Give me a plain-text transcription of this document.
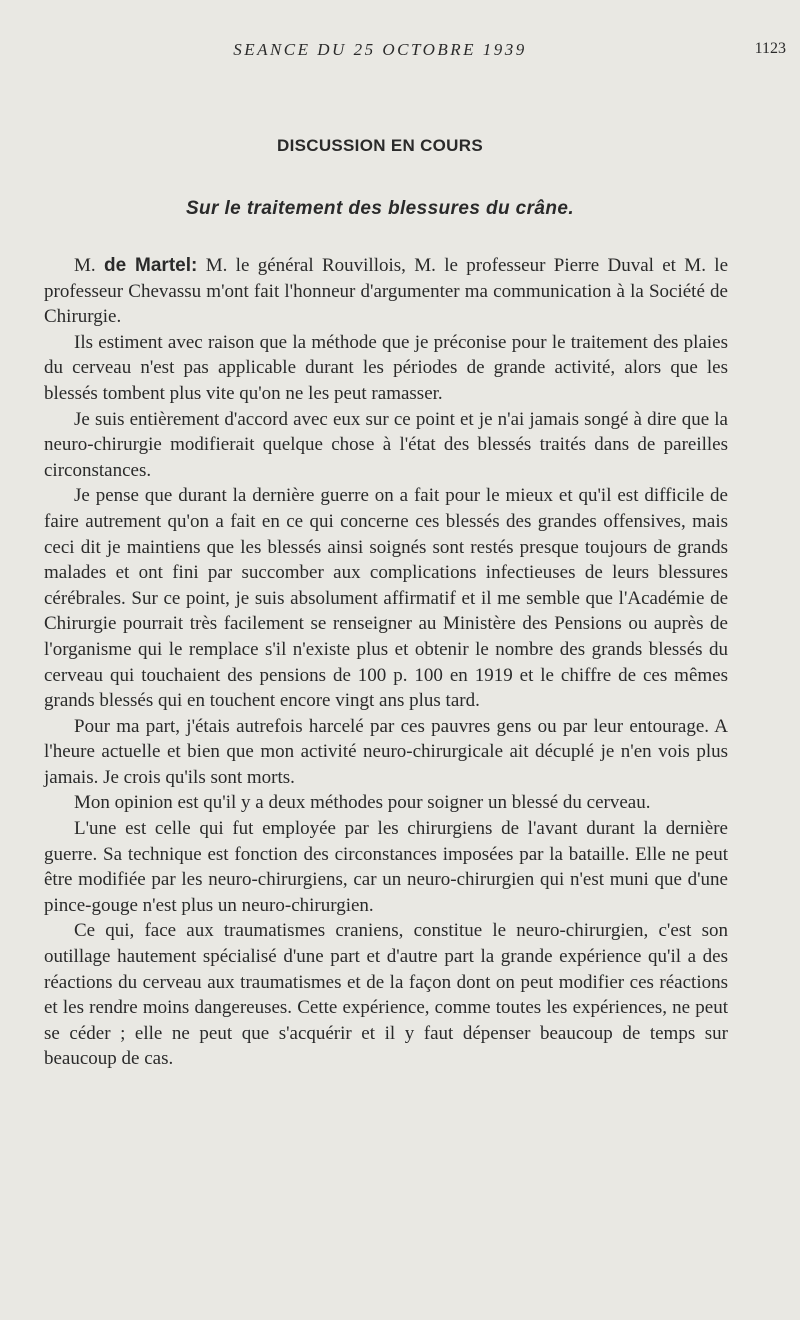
SEANCE DU 25 OCTOBRE 1939	1123
DISCUSSION EN COURS
Sur le traitement des blessures du crâne.

M. de Martel: M. le général Rouvillois, M. le professeur Pierre Duval et M. le professeur Chevassu m'ont fait l'honneur d'argumenter ma communication à la Société de Chirurgie.

Ils estiment avec raison que la méthode que je préconise pour le traitement des plaies du cerveau n'est pas applicable durant les périodes de grande activité, alors que les blessés tombent plus vite qu'on ne les peut ramasser.

Je suis entièrement d'accord avec eux sur ce point et je n'ai jamais songé à dire que la neuro-chirurgie modifierait quelque chose à l'état des blessés traités dans de pareilles circonstances.

Je pense que durant la dernière guerre on a fait pour le mieux et qu'il est difficile de faire autrement qu'on a fait en ce qui concerne ces blessés des grandes offensives, mais ceci dit je maintiens que les blessés ainsi soignés sont restés presque toujours de grands malades et ont fini par succomber aux complications infectieuses de leurs blessures cérébrales. Sur ce point, je suis absolument affirmatif et il me semble que l'Académie de Chirurgie pourrait très facilement se renseigner au Ministère des Pensions ou auprès de l'organisme qui le remplace s'il n'existe plus et obtenir le nombre des grands blessés du cerveau qui touchaient des pensions de 100 p. 100 en 1919 et le chiffre de ces mêmes grands blessés qui en touchent encore vingt ans plus tard.

Pour ma part, j'étais autrefois harcelé par ces pauvres gens ou par leur entourage. A l'heure actuelle et bien que mon activité neuro-chirurgicale ait décuplé je n'en vois plus jamais. Je crois qu'ils sont morts.

Mon opinion est qu'il y a deux méthodes pour soigner un blessé du cerveau.

L'une est celle qui fut employée par les chirurgiens de l'avant durant la dernière guerre. Sa technique est fonction des circonstances imposées par la bataille. Elle ne peut être modifiée par les neuro-chirurgiens, car un neuro-chirurgien qui n'est muni que d'une pince-gouge n'est plus un neuro-chirurgien.

Ce qui, face aux traumatismes craniens, constitue le neuro-chirurgien, c'est son outillage hautement spécialisé d'une part et d'autre part la grande expérience qu'il a des réactions du cerveau aux traumatismes et de la façon dont on peut modifier ces réactions et les rendre moins dangereuses. Cette expérience, comme toutes les expériences, ne peut se céder ; elle ne peut que s'acquérir et il y faut dépenser beaucoup de temps sur beaucoup de cas.
